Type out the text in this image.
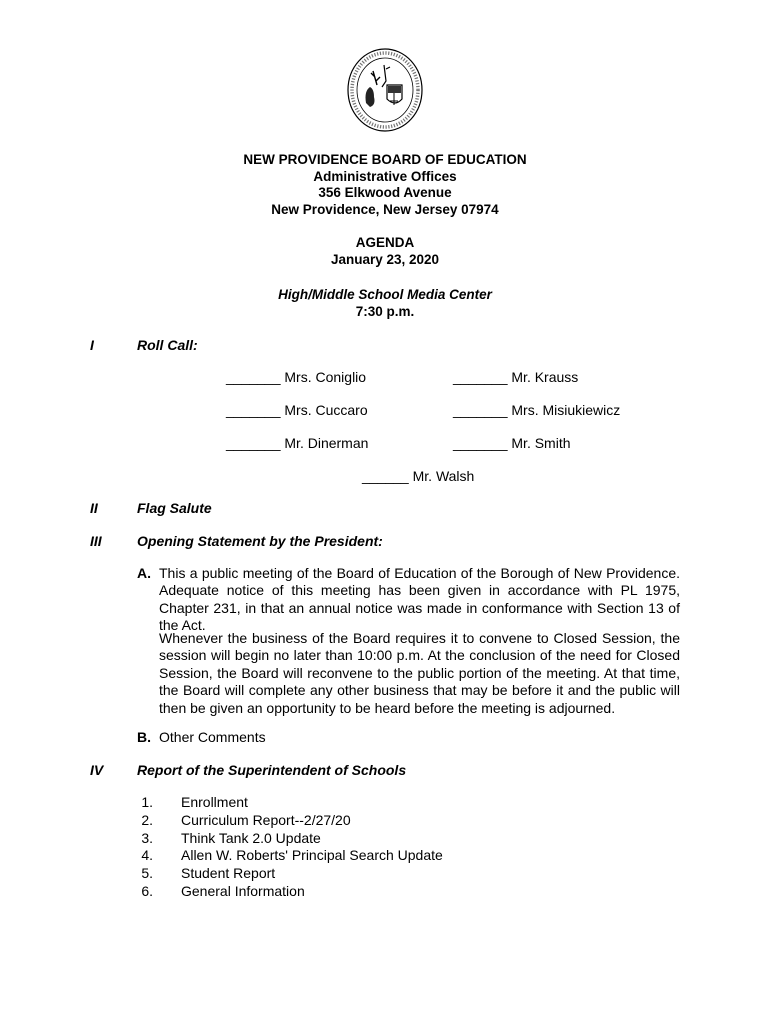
NEW PROVIDENCE BOARD OF EDUCATION
Administrative Offices
356 Elkwood Avenue
New Providence, New Jersey 07974
AGENDA
January 23, 2020
High/Middle School Media Center
7:30 p.m.
I	Roll Call:
_______ Mrs. Coniglio	_______ Mr. Krauss
_______ Mrs. Cuccaro	_______ Mrs. Misiukiewicz
_______ Mr. Dinerman	_______ Mr. Smith
______ Mr. Walsh
II	Flag Salute
III	Opening Statement by the President:
A. This a public meeting of the Board of Education of the Borough of New Providence. Adequate notice of this meeting has been given in accordance with PL 1975, Chapter 231, in that an annual notice was made in conformance with Section 13 of the Act.
Whenever the business of the Board requires it to convene to Closed Session, the session will begin no later than 10:00 p.m. At the conclusion of the need for Closed Session, the Board will reconvene to the public portion of the meeting. At that time, the Board will complete any other business that may be before it and the public will then be given an opportunity to be heard before the meeting is adjourned.
B. Other Comments
IV Report of the Superintendent of Schools
1. Enrollment
2. Curriculum Report--2/27/20
3. Think Tank 2.0 Update
4. Allen W. Roberts' Principal Search Update
5. Student Report
6. General Information
